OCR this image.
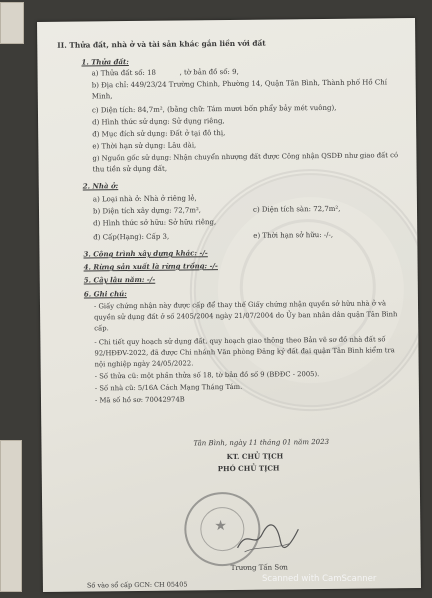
II. Thửa đất, nhà ở và tài sản khác gắn liền với đất
1. Thửa đất:
a) Thửa đất số: 18	, tờ bản đồ số: 9,
b) Địa chỉ: 449/23/24 Trường Chinh, Phường 14, Quận Tân Bình, Thành phố Hồ Chí
Minh,
c) Diện tích: 84,7m², (bằng chữ: Tám mươi bốn phẩy bảy mét vuông),
d) Hình thức sử dụng: Sử dụng riêng,
đ) Mục đích sử dụng: Đất ở tại đô thị,
e) Thời hạn sử dụng: Lâu dài,
g) Nguồn gốc sử dụng: Nhận chuyển nhượng đất được Công nhận QSDĐ như giao đất có
thu tiền sử dụng đất,
2. Nhà ở:
a) Loại nhà ở: Nhà ở riêng lẻ,
b) Diện tích xây dựng: 72,7m²,	c) Diện tích sàn: 72,7m²,
d) Hình thức sở hữu: Sở hữu riêng,
đ) Cấp(Hạng): Cấp 3,	e) Thời hạn sở hữu: -/-,
3. Công trình xây dựng khác: -/-
4. Rừng sản xuất là rừng trồng: -/-
5. Cây lâu năm: -/-
6. Ghi chú:
- Giấy chứng nhận này được cấp để thay thế Giấy chứng nhận quyền sở hữu nhà ở và
quyền sử dụng đất ở số 2405/2004 ngày 21/07/2004 do Ủy ban nhân dân quận Tân Bình
cấp.
- Chi tiết quy hoạch sử dụng đất, quy hoạch giao thông theo Bản vẽ sơ đồ nhà đất số
92/HĐĐV-2022, đã được Chi nhánh Văn phòng Đăng ký đất đai quận Tân Bình kiểm tra
nội nghiệp ngày 24/05/2022.
- Số thửa cũ: một phần thửa số 18, tờ bản đồ số 9 (BĐĐC - 2005).
- Số nhà cũ: 5/16A Cách Mạng Tháng Tám.
- Mã số hồ sơ: 70042974B
Tân Bình, ngày 11 tháng 01 năm 2023
KT. CHỦ TỊCH
PHÓ CHỦ TỊCH
★
Trương Tấn Sơn
Số vào sổ cấp GCN: CH 05405
Scanned with CamScanner
